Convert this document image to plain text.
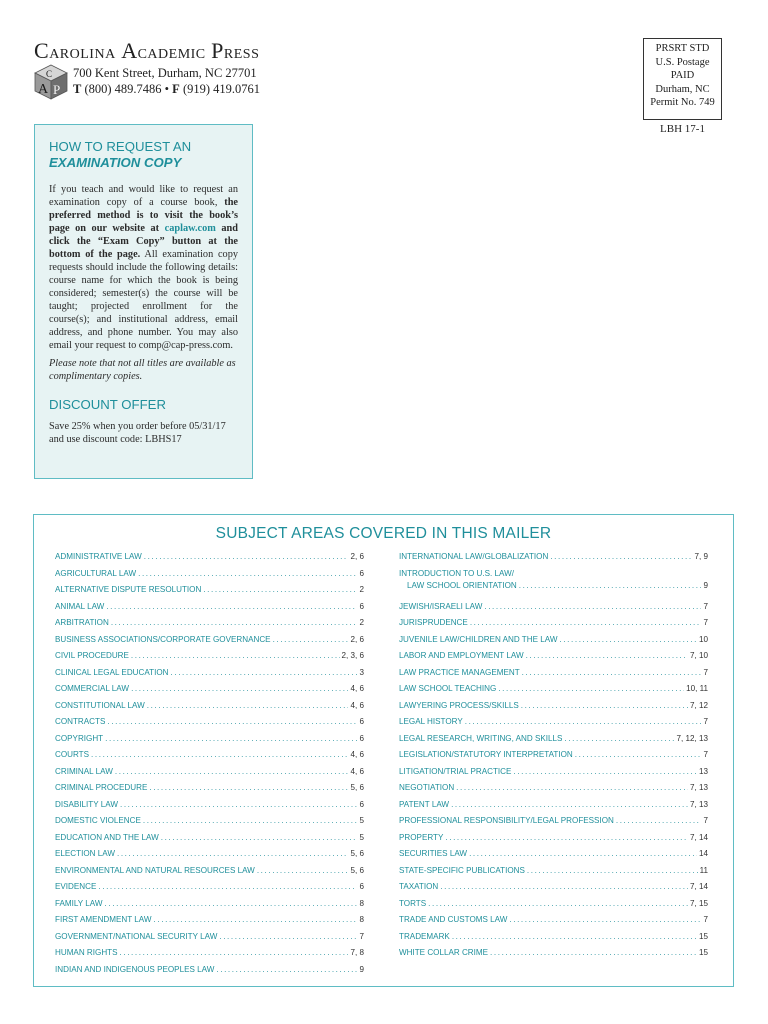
Carolina Academic Press
A P
C 700 Kent Street, Durham, NC 27701
T (800) 489.7486 • F (919) 419.0761
PRSRT STD
U.S. Postage
PAID
Durham, NC
Permit No. 749
LBH 17-1
HOW TO REQUEST AN
EXAMINATION COPY
If you teach and would like to request an examination copy of a course book, the preferred method is to visit the book’s page on our website at caplaw.com and click the “Exam Copy” button at the bottom of the page. All examination copy requests should include the following details: course name for which the book is being considered; semester(s) the course will be taught; projected enrollment for the course(s); and institutional address, email address, and phone number. You may also email your request to comp@cap-press.com.
Please note that not all titles are available as complimentary copies.
DISCOUNT OFFER
Save 25% when you order before 05/31/17 and use discount code: LBHS17
SUBJECT AREAS COVERED IN THIS MAILER
ADMINISTRATIVE LAW .....	2, 6
AGRICULTURAL LAW .....	6
ALTERNATIVE DISPUTE RESOLUTION .....	2
ANIMAL LAW .....	6
ARBITRATION .....	2
BUSINESS ASSOCIATIONS/CORPORATE GOVERNANCE .....	2, 6
CIVIL PROCEDURE .....	2, 3, 6
CLINICAL LEGAL EDUCATION .....	3
COMMERCIAL LAW .....	4, 6
CONSTITUTIONAL LAW .....	4, 6
CONTRACTS .....	6
COPYRIGHT .....	6
COURTS .....	4, 6
CRIMINAL LAW .....	4, 6
CRIMINAL PROCEDURE .....	5, 6
DISABILITY LAW .....	6
DOMESTIC VIOLENCE .....	5
EDUCATION AND THE LAW .....	5
ELECTION LAW .....	5, 6
ENVIRONMENTAL AND NATURAL RESOURCES LAW .....	5, 6
EVIDENCE .....	6
FAMILY LAW .....	8
FIRST AMENDMENT LAW .....	8
GOVERNMENT/NATIONAL SECURITY LAW .....	7
HUMAN RIGHTS .....	7, 8
INDIAN AND INDIGENOUS PEOPLES LAW .....	9
INTERNATIONAL LAW/GLOBALIZATION .....	7, 9
INTRODUCTION TO U.S. LAW/
LAW SCHOOL ORIENTATION .....	9
JEWISH/ISRAELI LAW .....	7
JURISPRUDENCE .....	7
JUVENILE LAW/CHILDREN AND THE LAW .....	10
LABOR AND EMPLOYMENT LAW .....	7, 10
LAW PRACTICE MANAGEMENT .....	7
LAW SCHOOL TEACHING .....	10, 11
LAWYERING PROCESS/SKILLS .....	7, 12
LEGAL HISTORY .....	7
LEGAL RESEARCH, WRITING, AND SKILLS .....	7, 12, 13
LEGISLATION/STATUTORY INTERPRETATION .....	7
LITIGATION/TRIAL PRACTICE .....	13
NEGOTIATION .....	7, 13
PATENT LAW .....	7, 13
PROFESSIONAL RESPONSIBILITY/LEGAL PROFESSION .....	7
PROPERTY .....	7, 14
SECURITIES LAW .....	14
STATE-SPECIFIC PUBLICATIONS .....	11
TAXATION .....	7, 14
TORTS .....	7, 15
TRADE AND CUSTOMS LAW .....	7
TRADEMARK .....	15
WHITE COLLAR CRIME .....	15
